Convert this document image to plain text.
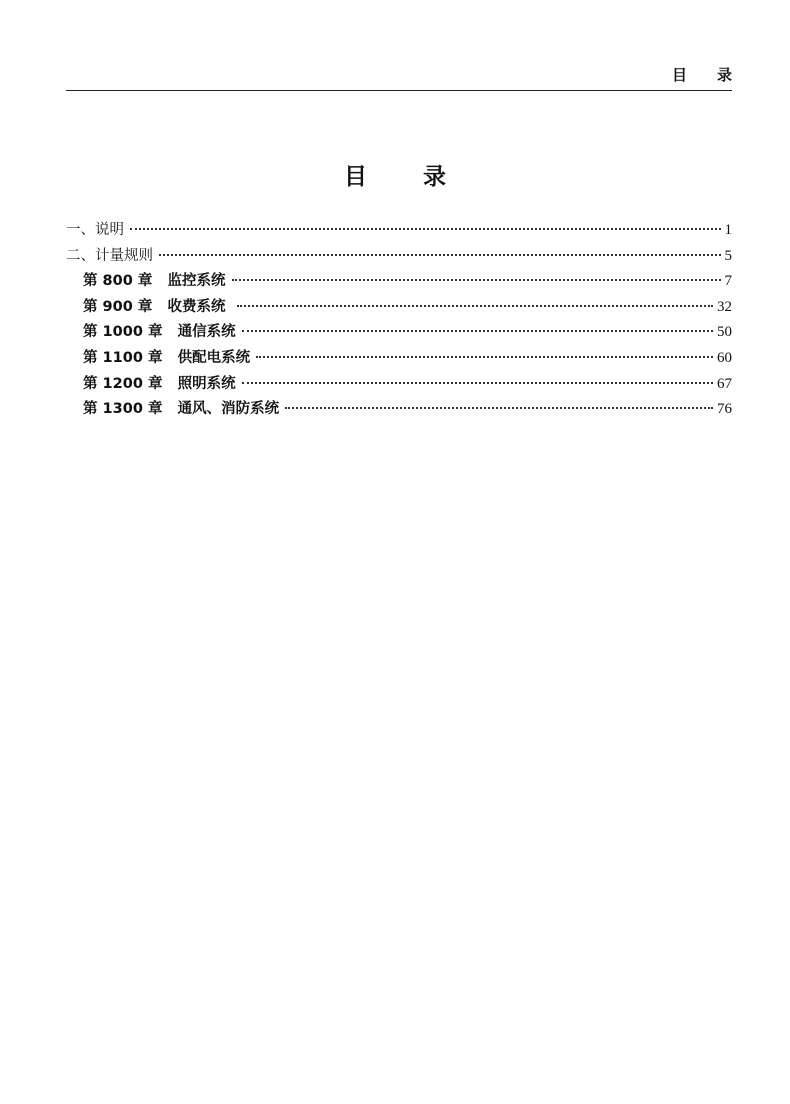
目录
目录
一、说明	1
二、计量规则	5
第 800 章   监控系统	7
第 900 章   收费系统	32
第 1000 章   通信系统	50
第 1100 章   供配电系统	60
第 1200 章   照明系统	67
第 1300 章   通风、消防系统	76
